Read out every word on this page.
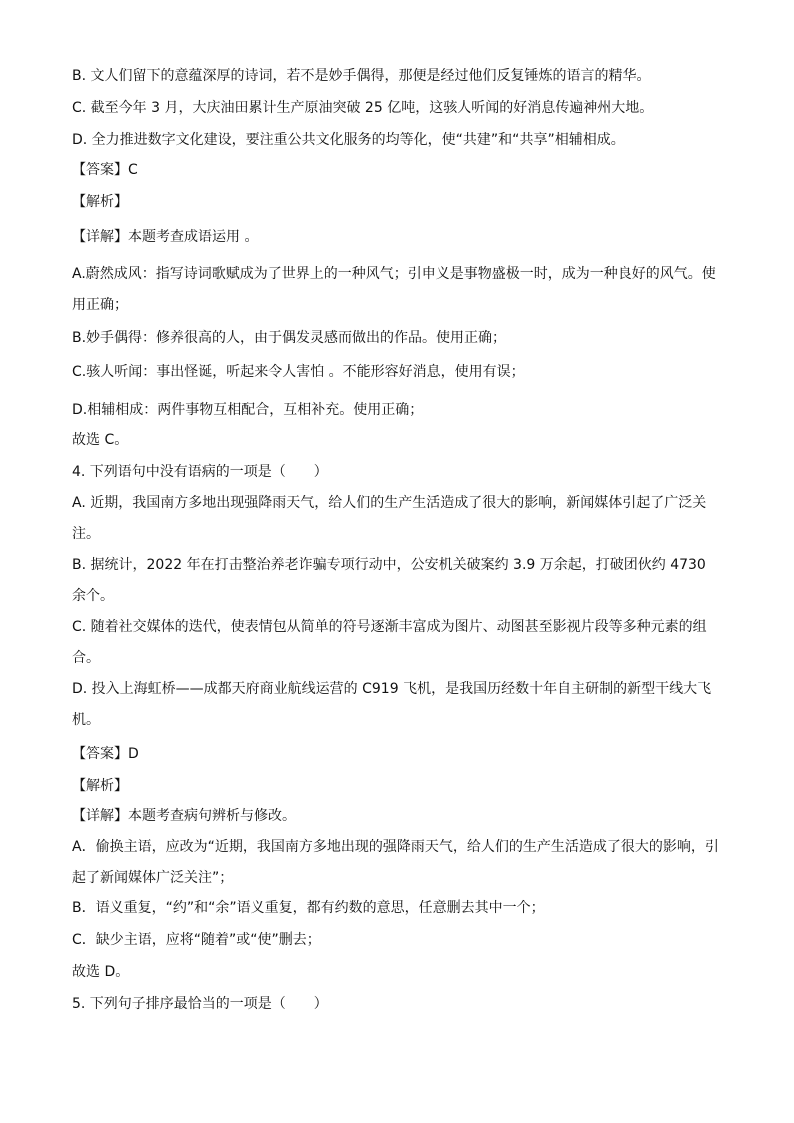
B. 文人们留下的意蕴深厚的诗词，若不是妙手偶得，那便是经过他们反复锤炼的语言的精华。
C. 截至今年 3 月，大庆油田累计生产原油突破 25 亿吨，这骇人听闻的好消息传遍神州大地。
D. 全力推进数字文化建设，要注重公共文化服务的均等化，使“共建”和“共享”相辅相成。
【答案】C
【解析】
【详解】本题考查成语运用 。
A.蔚然成风：指写诗词歌赋成为了世界上的一种风气；引申义是事物盛极一时，成为一种良好的风气。使用正确；
B.妙手偶得：修养很高的人，由于偶发灵感而做出的作品。使用正确；
C.骇人听闻：事出怪诞，听起来令人害怕 。不能形容好消息，使用有误；
D.相辅相成：两件事物互相配合，互相补充。使用正确；
故选 C。
4. 下列语句中没有语病的一项是（　　）
A. 近期，我国南方多地出现强降雨天气，给人们的生产生活造成了很大的影响，新闻媒体引起了广泛关注。
B. 据统计，2022 年在打击整治养老诈骗专项行动中，公安机关破案约 3.9 万余起，打破团伙约 4730 余个。
C. 随着社交媒体的迭代，使表情包从简单的符号逐渐丰富成为图片、动图甚至影视片段等多种元素的组合。
D. 投入上海虹桥——成都天府商业航线运营的 C919 飞机，是我国历经数十年自主研制的新型干线大飞机。
【答案】D
【解析】
【详解】本题考查病句辨析与修改。
A．偷换主语，应改为“近期，我国南方多地出现的强降雨天气，给人们的生产生活造成了很大的影响，引起了新闻媒体广泛关注”；
B．语义重复，“约”和“余”语义重复，都有约数的意思，任意删去其中一个；
C．缺少主语，应将“随着”或“使”删去；
故选 D。
5. 下列句子排序最恰当的一项是（　　）
